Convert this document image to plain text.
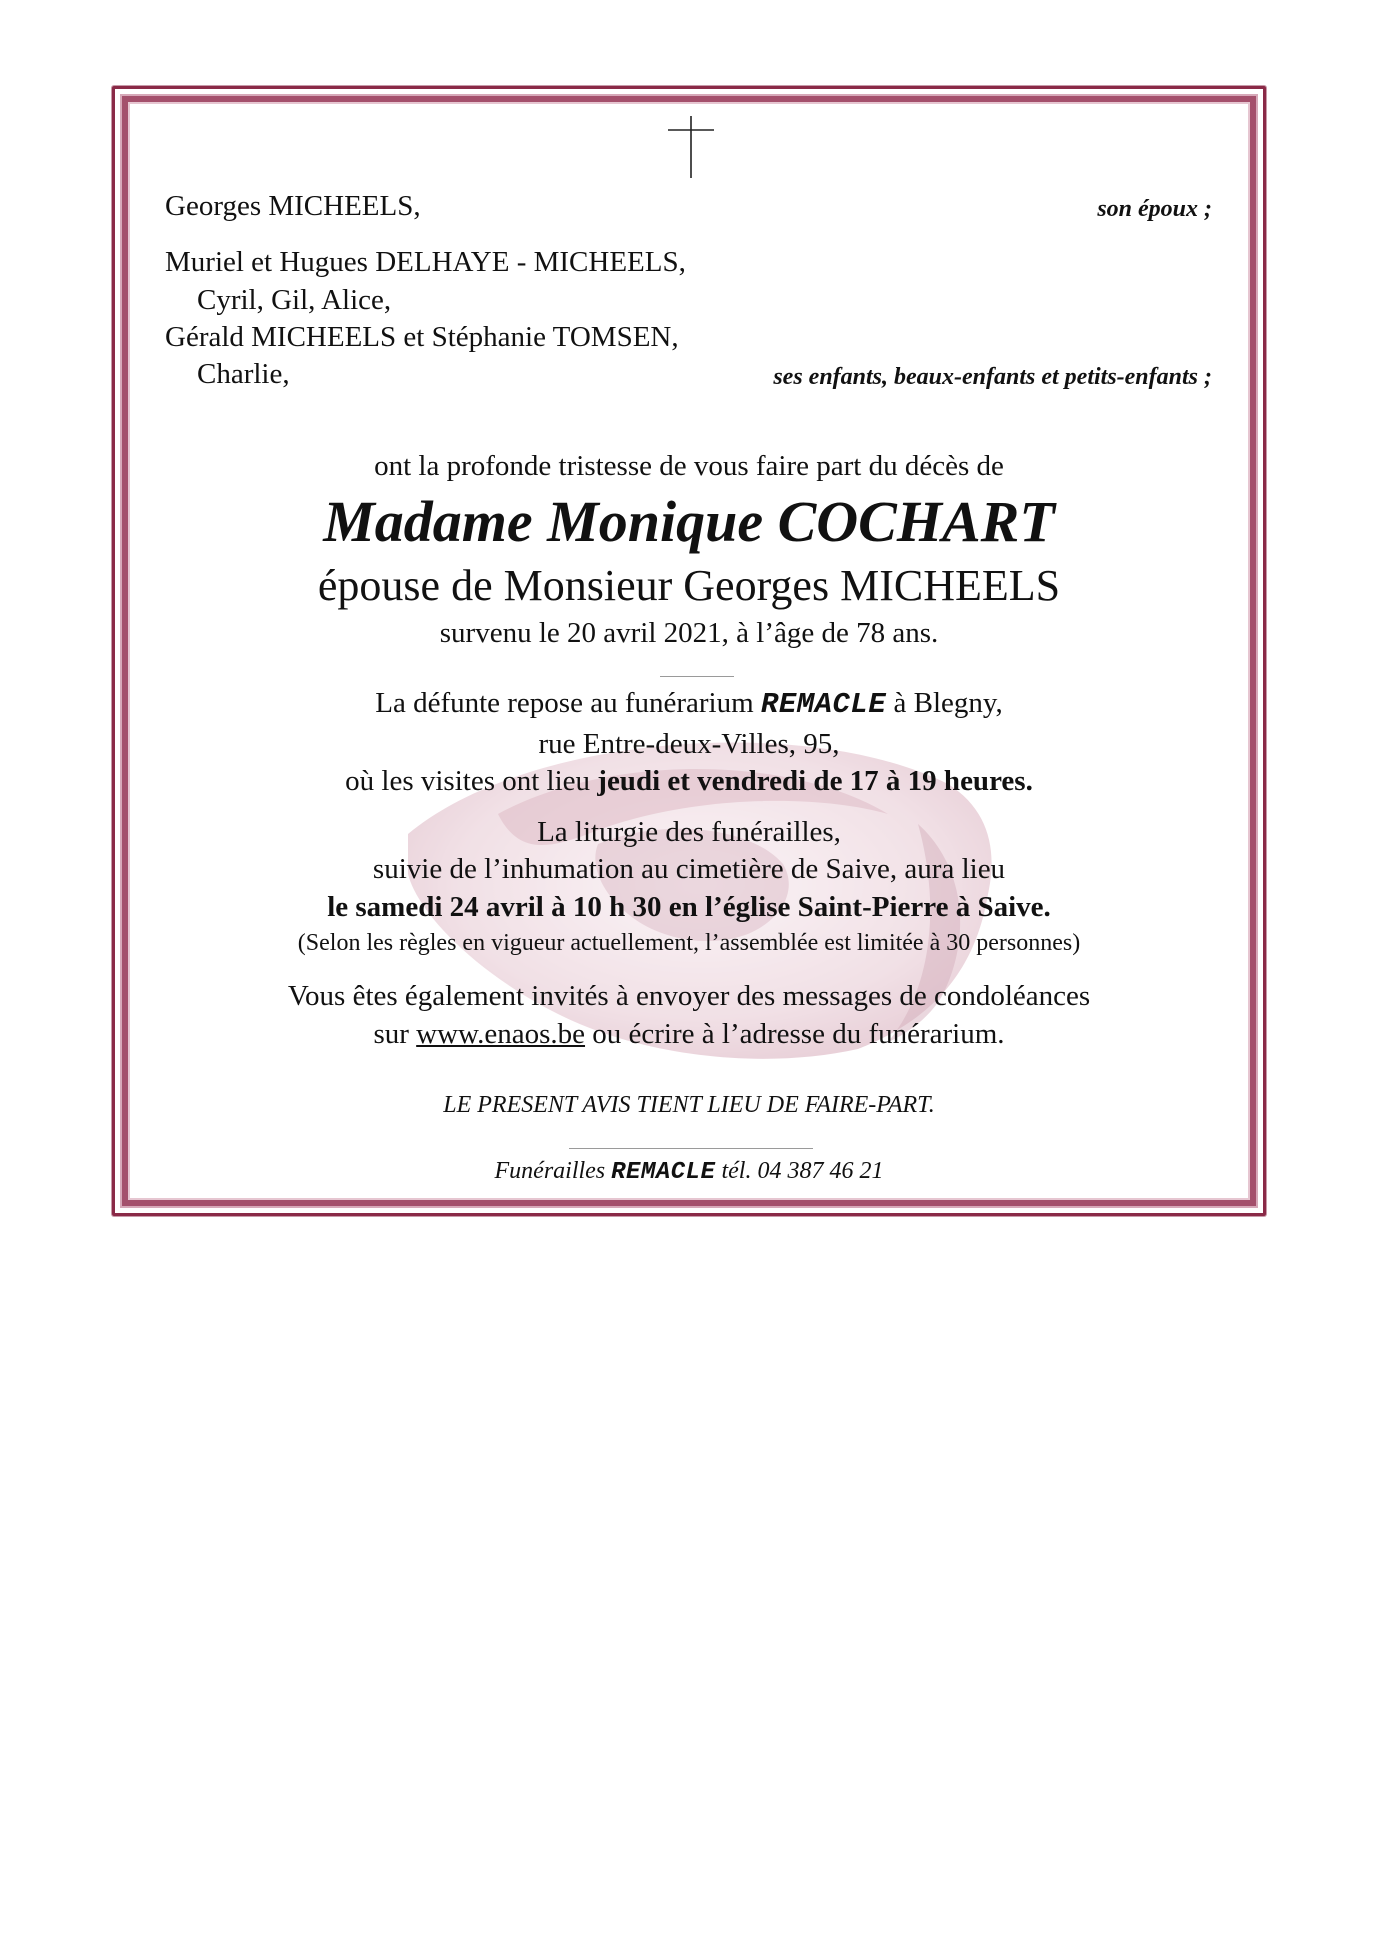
Georges MICHEELS,	son époux ;
Muriel et Hugues DELHAYE - MICHEELS,
Cyril, Gil, Alice,
Gérald MICHEELS et Stéphanie TOMSEN,
Charlie,	ses enfants, beaux-enfants et petits-enfants ;
ont la profonde tristesse de vous faire part du décès de
Madame Monique COCHART
épouse de Monsieur Georges MICHEELS
survenu le 20 avril 2021, à l’âge de 78 ans.
La défunte repose au funérarium REMACLE à Blegny,
rue Entre-deux-Villes, 95,
où les visites ont lieu jeudi et vendredi de 17 à 19 heures.
La liturgie des funérailles,
suivie de l’inhumation au cimetière de Saive, aura lieu
le samedi 24 avril à 10 h 30 en l’église Saint-Pierre à Saive.
(Selon les règles en vigueur actuellement, l’assemblée est limitée à 30 personnes)
Vous êtes également invités à envoyer des messages de condoléances
sur www.enaos.be ou écrire à l’adresse du funérarium.
LE PRESENT AVIS TIENT LIEU DE FAIRE-PART.
Funérailles REMACLE tél. 04 387 46 21
